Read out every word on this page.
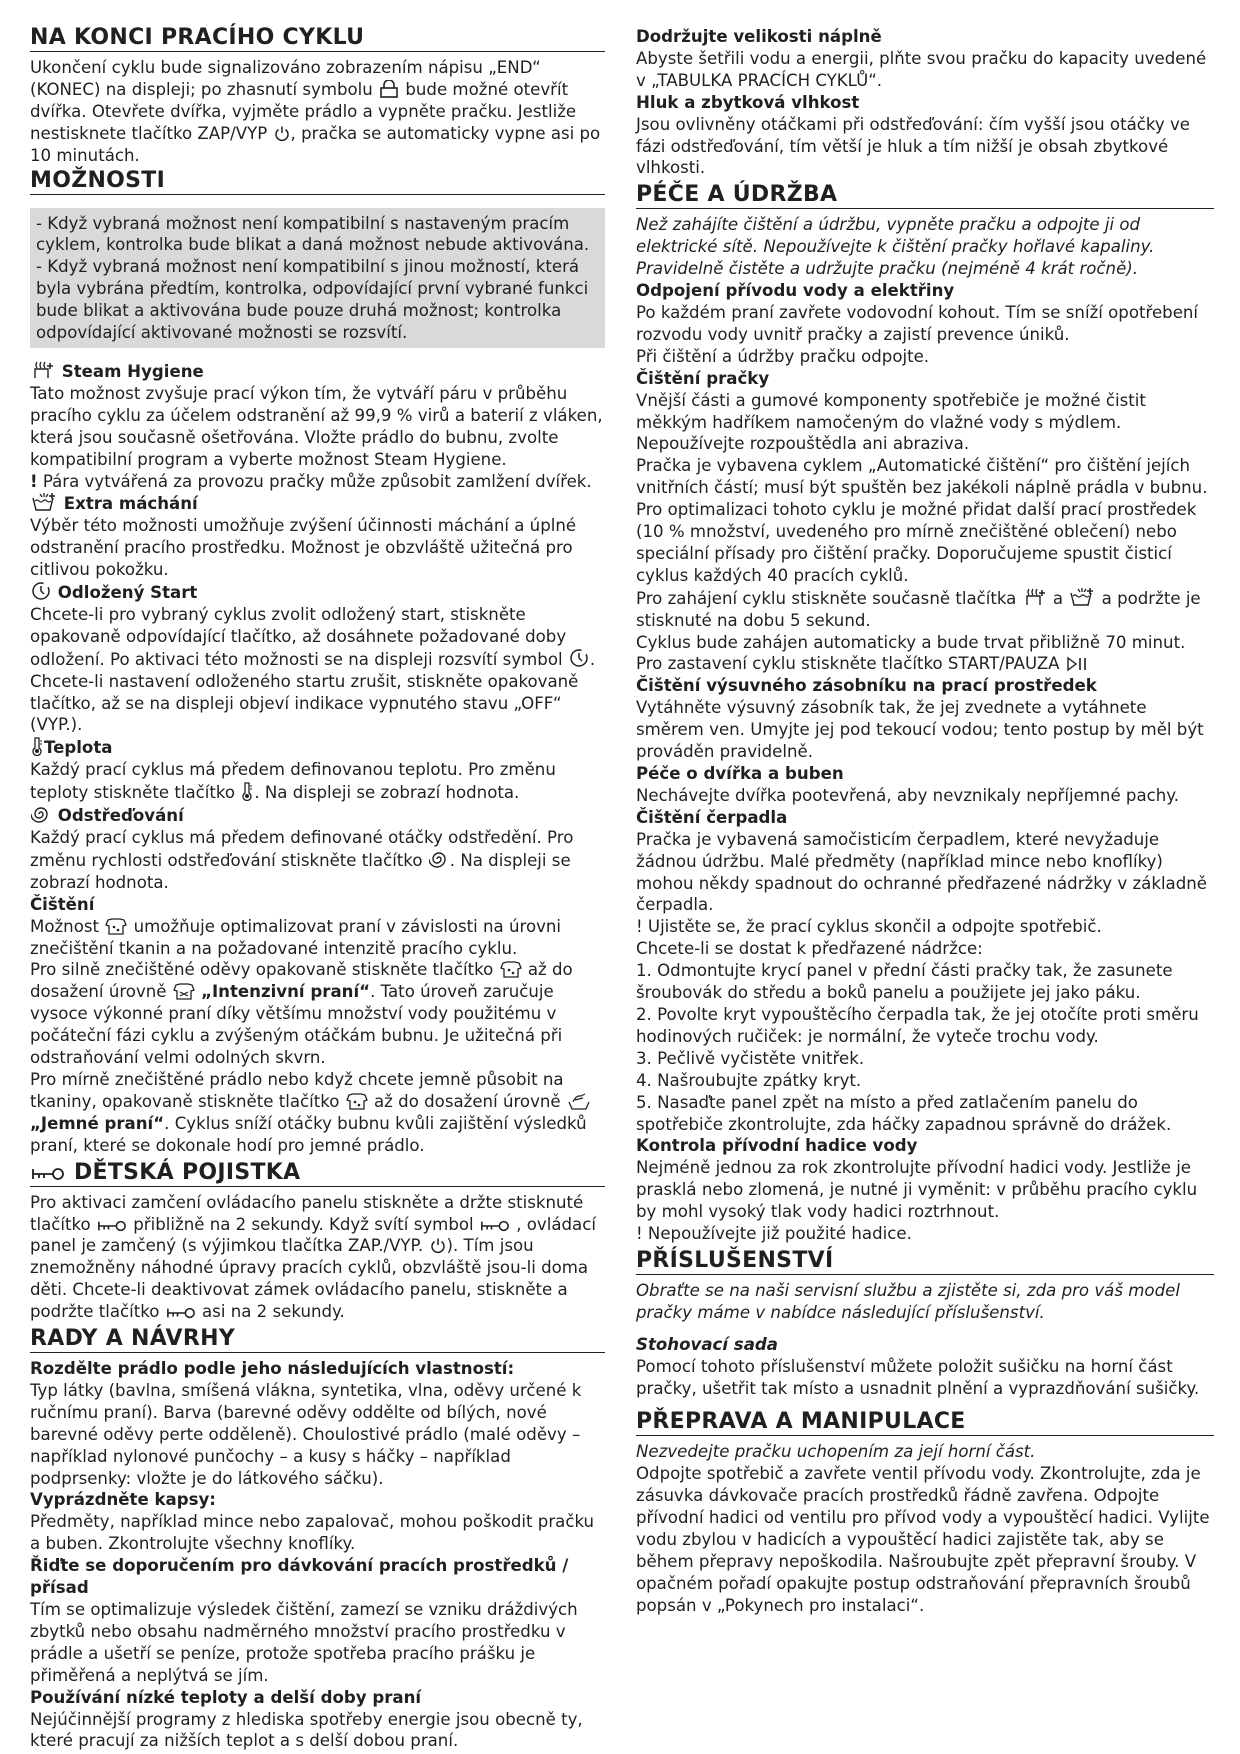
NA KONCI PRACÍHO CYKLU

Ukončení cyklu bude signalizováno zobrazením nápisu „END“ (KONEC) na displeji; po zhasnutí symbolu bude možné otevřít dvířka. Otevřete dvířka, vyjměte prádlo a vypněte pračku. Jestliže nestisknete tlačítko ZAP/VYP , pračka se automaticky vypne asi po 10 minutách.

MOŽNOSTI

- Když vybraná možnost není kompatibilní s nastaveným pracím cyklem, kontrolka bude blikat a daná možnost nebude aktivována.

- Když vybraná možnost není kompatibilní s jinou možností, která byla vybrána předtím, kontrolka, odpovídající první vybrané funkci bude blikat a aktivována bude pouze druhá možnost; kontrolka odpovídající aktivované možnosti se rozsvítí.

Steam Hygiene

Tato možnost zvyšuje prací výkon tím, že vytváří páru v průběhu pracího cyklu za účelem odstranění až 99,9 % virů a baterií z vláken, která jsou současně ošetřována. Vložte prádlo do bubnu, zvolte kompatibilní program a vyberte možnost Steam Hygiene.

! Pára vytvářená za provozu pračky může způsobit zamlžení dvířek.

Extra máchání

Výběr této možnosti umožňuje zvýšení účinnosti máchání a úplné odstranění pracího prostředku. Možnost je obzvláště užitečná pro citlivou pokožku.

Odložený Start

Chcete-li pro vybraný cyklus zvolit odložený start, stiskněte opakovaně odpovídající tlačítko, až dosáhnete požadované doby odložení. Po aktivaci této možnosti se na displeji rozsvítí symbol . Chcete-li nastavení odloženého startu zrušit, stiskněte opakovaně tlačítko, až se na displeji objeví indikace vypnutého stavu „OFF“ (VYP.).

Teplota

Každý prací cyklus má předem definovanou teplotu. Pro změnu teploty stiskněte tlačítko . Na displeji se zobrazí hodnota.

Odstřeďování

Každý prací cyklus má předem definované otáčky odstředění. Pro změnu rychlosti odstřeďování stiskněte tlačítko . Na displeji se zobrazí hodnota.

Čištění

Možnost umožňuje optimalizovat praní v závislosti na úrovni znečištění tkanin a na požadované intenzitě pracího cyklu.

Pro silně znečištěné oděvy opakovaně stiskněte tlačítko až do dosažení úrovně „Intenzivní praní“. Tato úroveň zaručuje vysoce výkonné praní díky většímu množství vody použitému v počáteční fázi cyklu a zvýšeným otáčkám bubnu. Je užitečná při odstraňování velmi odolných skvrn.

Pro mírně znečištěné prádlo nebo když chcete jemně působit na tkaniny, opakovaně stiskněte tlačítko až do dosažení úrovně
„Jemné praní“. Cyklus sníží otáčky bubnu kvůli zajištění výsledků praní, které se dokonale hodí pro jemné prádlo.

DĚTSKÁ POJISTKA

Pro aktivaci zamčení ovládacího panelu stiskněte a držte stisknuté tlačítko	přibližně na 2 sekundy. Když svítí symbol	, ovládací panel je zamčený (s výjimkou tlačítka ZAP./VYP. ). Tím jsou znemožněny náhodné úpravy pracích cyklů, obzvláště jsou-li doma děti. Chcete-li deaktivovat zámek ovládacího panelu, stiskněte a podržte tlačítko	asi na 2 sekundy.

RADY A NÁVRHY

Rozdělte prádlo podle jeho následujících vlastností:

Typ látky (bavlna, smíšená vlákna, syntetika, vlna, oděvy určené k ručnímu praní). Barva (barevné oděvy oddělte od bílých, nové barevné oděvy perte odděleně). Choulostivé prádlo (malé oděvy – například nylonové punčochy – a kusy s háčky – například podprsenky: vložte je do látkového sáčku).

Vyprázdněte kapsy:

Předměty, například mince nebo zapalovač, mohou poškodit pračku a buben. Zkontrolujte všechny knoflíky.

Řiďte se doporučením pro dávkování pracích prostředků / přísad

Tím se optimalizuje výsledek čištění, zamezí se vzniku dráždivých zbytků nebo obsahu nadměrného množství pracího prostředku v prádle a ušetří se peníze, protože spotřeba pracího prášku je přiměřená a neplýtvá se jím.

Používání nízké teploty a delší doby praní

Nejúčinnější programy z hlediska spotřeby energie jsou obecně ty, které pracují za nižších teplot a s delší dobou praní.

Dodržujte velikosti náplně

Abyste šetřili vodu a energii, plňte svou pračku do kapacity uvedené v „TABULKA PRACÍCH CYKLŮ“.

Hluk a zbytková vlhkost

Jsou ovlivněny otáčkami při odstřeďování: čím vyšší jsou otáčky ve fázi odstřeďování, tím větší je hluk a tím nižší je obsah zbytkové vlhkosti.

PÉČE A ÚDRŽBA

Než zahájíte čištění a údržbu, vypněte pračku a odpojte ji od elektrické sítě. Nepoužívejte k čištění pračky hořlavé kapaliny. Pravidelně čistěte a udržujte pračku (nejméně 4 krát ročně).

Odpojení přívodu vody a elektřiny

Po každém praní zavřete vodovodní kohout. Tím se sníží opotřebení rozvodu vody uvnitř pračky a zajistí prevence úniků.

Při čištění a údržby pračku odpojte.

Čištění pračky

Vnější části a gumové komponenty spotřebiče je možné čistit měkkým hadříkem namočeným do vlažné vody s mýdlem. Nepoužívejte rozpouštědla ani abraziva.

Pračka je vybavena cyklem „Automatické čištění“ pro čištění jejích vnitřních částí; musí být spuštěn bez jakékoli náplně prádla v bubnu.

Pro optimalizaci tohoto cyklu je možné přidat další prací prostředek (10 % množství, uvedeného pro mírně znečištěné oblečení) nebo speciální přísady pro čištění pračky. Doporučujeme spustit čisticí cyklus každých 40 pracích cyklů.

Pro zahájení cyklu stiskněte současně tlačítka a a podržte je stisknuté na dobu 5 sekund.

Cyklus bude zahájen automaticky a bude trvat přibližně 70 minut. Pro zastavení cyklu stiskněte tlačítko START/PAUZA

Čištění výsuvného zásobníku na prací prostředek

Vytáhněte výsuvný zásobník tak, že jej zvednete a vytáhnete směrem ven. Umyjte jej pod tekoucí vodou; tento postup by měl být prováděn pravidelně.

Péče o dvířka a buben

Nechávejte dvířka pootevřená, aby nevznikaly nepříjemné pachy.

Čištění čerpadla

Pračka je vybavená samočisticím čerpadlem, které nevyžaduje žádnou údržbu. Malé předměty (například mince nebo knoflíky) mohou někdy spadnout do ochranné předřazené nádržky v základně čerpadla.

! Ujistěte se, že prací cyklus skončil a odpojte spotřebič.

Chcete-li se dostat k předřazené nádržce:

1. Odmontujte krycí panel v přední části pračky tak, že zasunete šroubovák do středu a boků panelu a použijete jej jako páku.

2. Povolte kryt vypouštěcího čerpadla tak, že jej otočíte proti směru hodinových ručiček: je normální, že vyteče trochu vody.

3. Pečlivě vyčistěte vnitřek.

4. Našroubujte zpátky kryt.

5. Nasaďte panel zpět na místo a před zatlačením panelu do spotřebiče zkontrolujte, zda háčky zapadnou správně do drážek.

Kontrola přívodní hadice vody

Nejméně jednou za rok zkontrolujte přívodní hadici vody. Jestliže je prasklá nebo zlomená, je nutné ji vyměnit: v průběhu pracího cyklu by mohl vysoký tlak vody hadici roztrhnout.

! Nepoužívejte již použité hadice.

PŘÍSLUŠENSTVÍ

Obraťte se na naši servisní službu a zjistěte si, zda pro váš model pračky máme v nabídce následující příslušenství.

Stohovací sada

Pomocí tohoto příslušenství můžete položit sušičku na horní část pračky, ušetřit tak místo a usnadnit plnění a vyprazdňování sušičky.

PŘEPRAVA A MANIPULACE

Nezvedejte pračku uchopením za její horní část.

Odpojte spotřebič a zavřete ventil přívodu vody. Zkontrolujte, zda je zásuvka dávkovače pracích prostředků řádně zavřena. Odpojte přívodní hadici od ventilu pro přívod vody a vypouštěcí hadici. Vylijte vodu zbylou v hadicích a vypouštěcí hadici zajistěte tak, aby se během přepravy nepoškodila. Našroubujte zpět přepravní šrouby. V opačném pořadí opakujte postup odstraňování přepravních šroubů popsán v „Pokynech pro instalaci“.
